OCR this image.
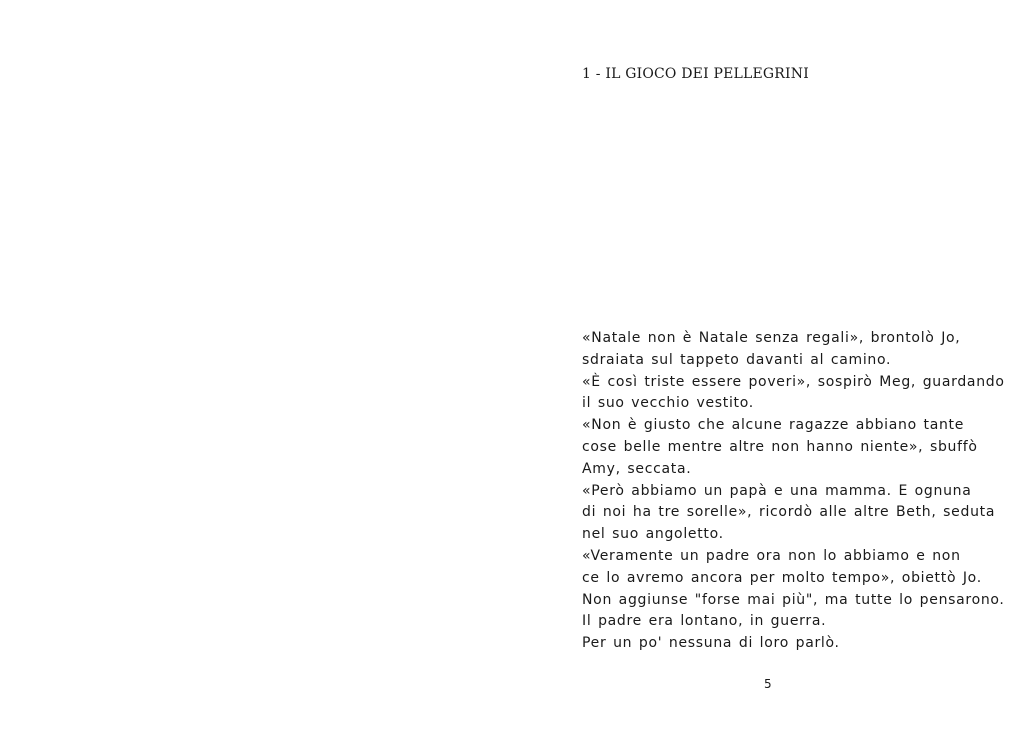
1 - IL GIOCO DEI PELLEGRINI
«Natale non è Natale senza regali», brontolò Jo,
sdraiata sul tappeto davanti al camino.
«È così triste essere poveri», sospirò Meg, guardando
il suo vecchio vestito.
«Non è giusto che alcune ragazze abbiano tante
cose belle mentre altre non hanno niente», sbuffò
Amy, seccata.
«Però abbiamo un papà e una mamma. E ognuna
di noi ha tre sorelle», ricordò alle altre Beth, seduta
nel suo angoletto.
«Veramente un padre ora non lo abbiamo e non
ce lo avremo ancora per molto tempo», obiettò Jo.
Non aggiunse "forse mai più", ma tutte lo pensarono.
Il padre era lontano, in guerra.
Per un po' nessuna di loro parlò.
5
